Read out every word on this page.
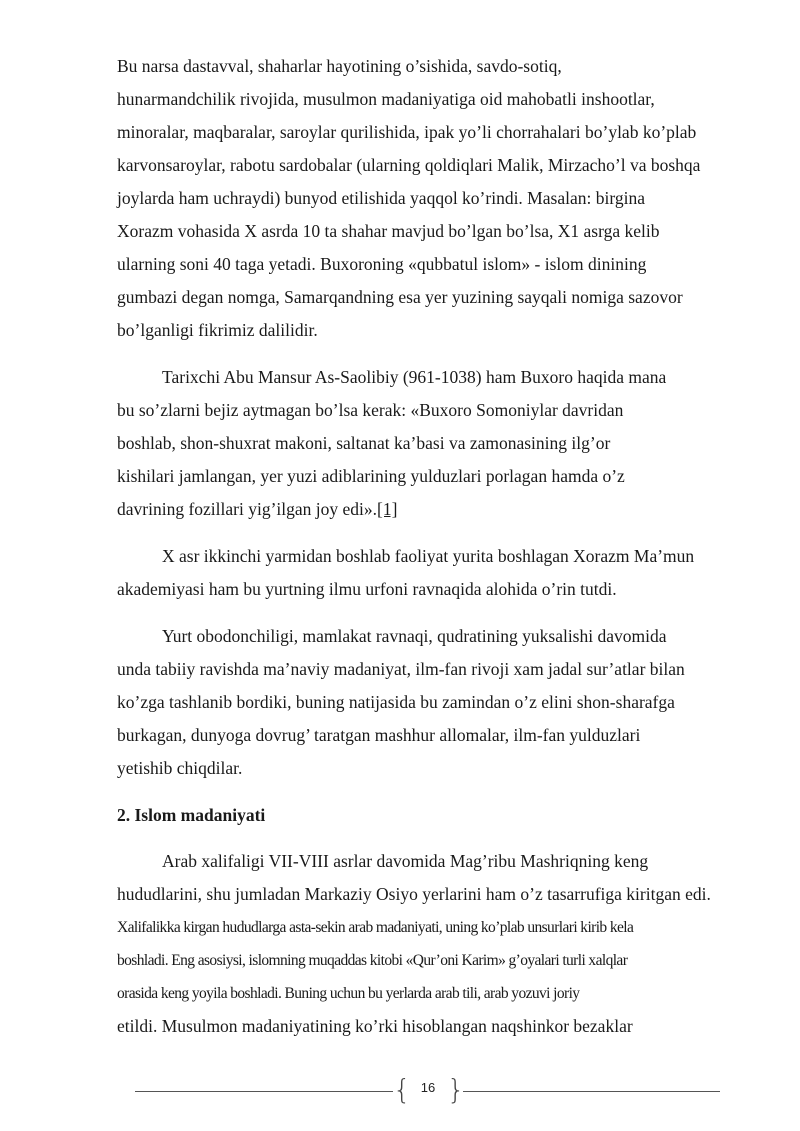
Bu narsa dastavval, shaharlar hayotining o’sishida, savdo-sotiq,
hunarmandchilik rivojida, musulmon madaniyatiga oid mahobatli inshootlar,
minoralar, maqbaralar, saroylar qurilishida, ipak yo’li chorrahalari bo’ylab ko’plab
karvonsaroylar, rabotu sardobalar (ularning qoldiqlari Malik, Mirzacho’l va boshqa
joylarda ham uchraydi) bunyod etilishida yaqqol ko’rindi. Masalan: birgina
Xorazm vohasida X asrda 10 ta shahar mavjud bo’lgan bo’lsa, X1 asrga kelib
ularning soni 40 taga yetadi. Buxoroning «qubbatul islom» - islom dinining
gumbazi degan nomga, Samarqandning esa yer yuzining sayqali nomiga sazovor
bo’lganligi fikrimiz dalilidir.

Tarixchi Abu Mansur As-Saolibiy (961-1038) ham Buxoro haqida mana
bu so’zlarni bejiz aytmagan bo’lsa kerak: «Buxoro Somoniylar davridan
boshlab, shon-shuxrat makoni, saltanat ka’basi va zamonasining ilg’or
kishilari jamlangan, yer yuzi adiblarining yulduzlari porlagan hamda o’z
davrining fozillari yig’ilgan joy edi».[1]

X asr ikkinchi yarmidan boshlab faoliyat yurita boshlagan Xorazm Ma’mun
akademiyasi ham bu yurtning ilmu urfoni ravnaqida alohida o’rin tutdi.

Yurt obodonchiligi, mamlakat ravnaqi, qudratining yuksalishi davomida
unda tabiiy ravishda ma’naviy madaniyat, ilm-fan rivoji xam jadal sur’atlar bilan
ko’zga tashlanib bordiki, buning natijasida bu zamindan o’z elini shon-sharafga
burkagan, dunyoga dovrug’ taratgan mashhur allomalar, ilm-fan yulduzlari
yetishib chiqdilar.

2. Islom madaniyati

Arab xalifaligi VII-VIII asrlar davomida Mag’ribu Mashriqning keng
hududlarini, shu jumladan Markaziy Osiyo yerlarini ham o’z tasarrufiga kiritgan edi.
Xalifalikka kirgan hududlarga asta-sekin arab madaniyati, uning ko’plab unsurlari kirib kela
boshladi. Eng asosiysi, islomning muqaddas kitobi «Qur’oni Karim» g’oyalari turli xalqlar
orasida keng yoyila boshladi. Buning uchun bu yerlarda arab tili, arab yozuvi joriy
etildi. Musulmon madaniyatining ko’rki hisoblangan naqshinkor bezaklar

{ 16 }
